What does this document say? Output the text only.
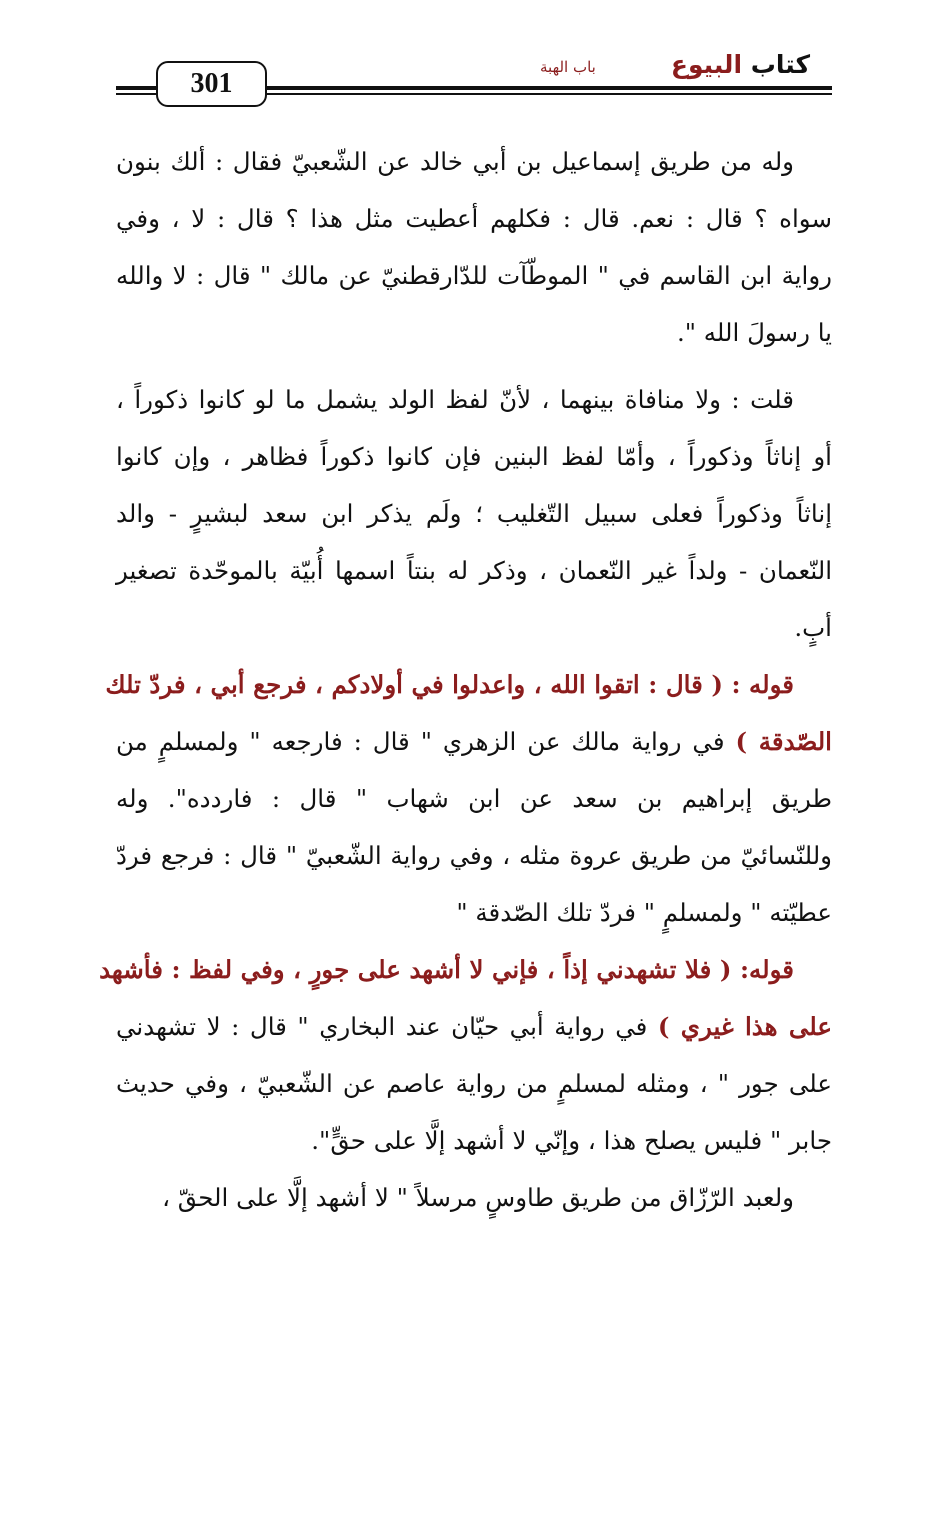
301
كتاب البيوع
باب الهبة
وله من طريق إسماعيل بن أبي خالد عن الشّعبيّ فقال : ألك بنون
سواه ؟ قال : نعم. قال : فكلهم أعطيت مثل هذا ؟ قال : لا ، وفي
رواية ابن القاسم في " الموطّآت للدّارقطنيّ عن مالك " قال : لا والله
يا رسولَ الله ".
قلت : ولا منافاة بينهما ، لأنّ لفظ الولد يشمل ما لو كانوا ذكوراً ،
أو إناثاً وذكوراً ، وأمّا لفظ البنين فإن كانوا ذكوراً فظاهر ، وإن كانوا
إناثاً وذكوراً فعلى سبيل التّغليب ؛ ولَم يذكر ابن سعد لبشيرٍ - والد
النّعمان - ولداً غير النّعمان ، وذكر له بنتاً اسمها أُبيّة بالموحّدة تصغير
أبٍ.
قوله : ( قال : اتقوا الله ، واعدلوا في أولادكم ، فرجع أبي ، فردّ تلك
الصّدقة ) في رواية مالك عن الزهري " قال : فارجعه " ولمسلمٍ من
طريق إبراهيم بن سعد عن ابن شهاب " قال : فاردده". وله
وللنّسائيّ من طريق عروة مثله ، وفي رواية الشّعبيّ " قال : فرجع فردّ
عطيّته " ولمسلمٍ " فردّ تلك الصّدقة "
قوله: ( فلا تشهدني إذاً ، فإني لا أشهد على جورٍ ، وفي لفظ : فأشهد
على هذا غيري ) في رواية أبي حيّان عند البخاري " قال : لا تشهدني
على جور " ، ومثله لمسلمٍ من رواية عاصم عن الشّعبيّ ، وفي حديث
جابر " فليس يصلح هذا ، وإنّي لا أشهد إلَّا على حقٍّ".
ولعبد الرّزّاق من طريق طاوسٍ مرسلاً " لا أشهد إلَّا على الحقّ ،
